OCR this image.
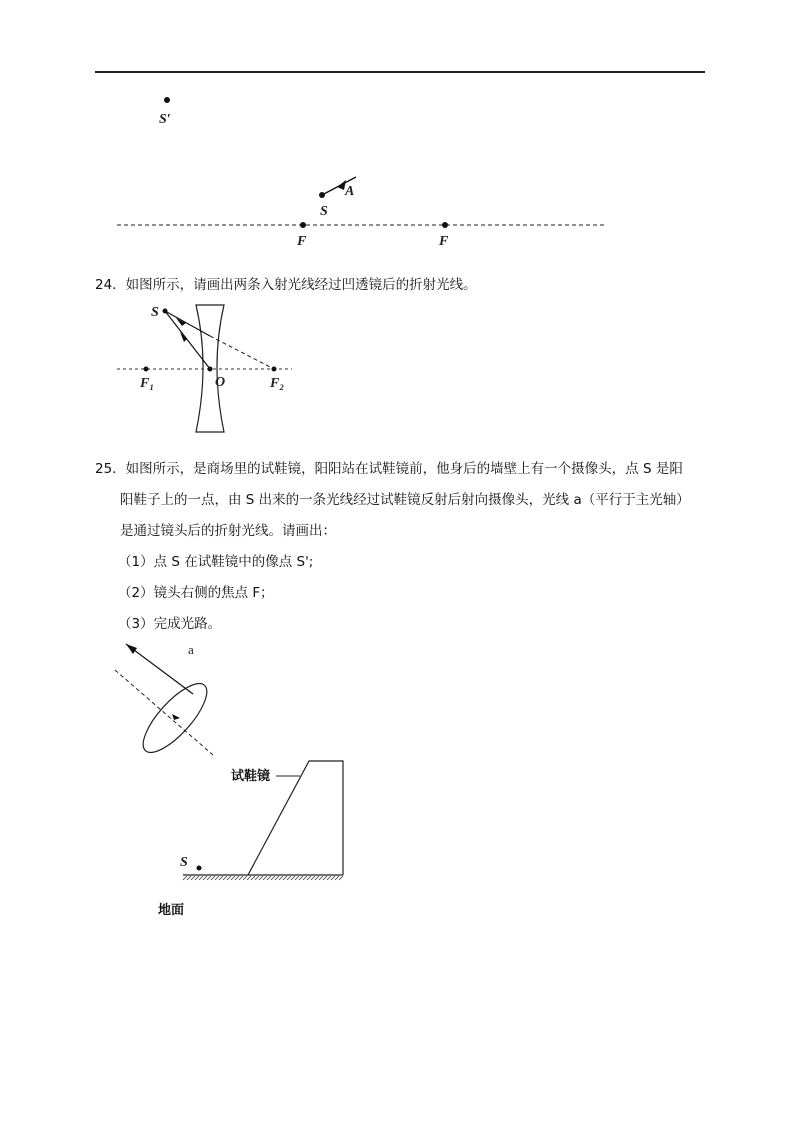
S′
A
S
F	F
24．如图所示，请画出两条入射光线经过凹透镜后的折射光线。
S
F₁	O	F₂
25．如图所示，是商场里的试鞋镜，阳阳站在试鞋镜前，他身后的墙壁上有一个摄像头，点 S 是阳
阳鞋子上的一点，由 S 出来的一条光线经过试鞋镜反射后射向摄像头，光线 a（平行于主光轴）
是通过镜头后的折射光线。请画出：
（1）点 S 在试鞋镜中的像点 S';
（2）镜头右侧的焦点 F；
（3）完成光路。
a
试鞋镜
S
地面
